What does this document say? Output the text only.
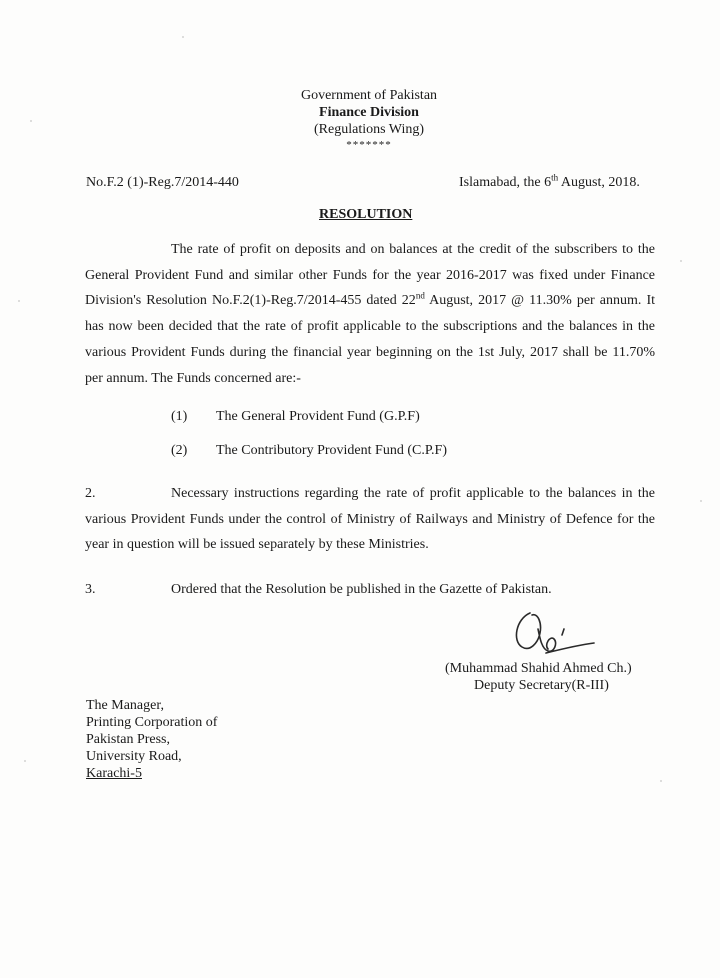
Government of Pakistan
Finance Division
(Regulations Wing)
*******
No.F.2 (1)-Reg.7/2014-440	Islamabad, the 6th August, 2018.
RESOLUTION
The rate of profit on deposits and on balances at the credit of the subscribers to the General Provident Fund and similar other Funds for the year 2016-2017 was fixed under Finance Division's Resolution No.F.2(1)-Reg.7/2014-455 dated 22nd August, 2017 @ 11.30% per annum. It has now been decided that the rate of profit applicable to the subscriptions and the balances in the various Provident Funds during the financial year beginning on the 1st July, 2017 shall be 11.70% per annum. The Funds concerned are:-
(1) The General Provident Fund (G.P.F)
(2) The Contributory Provident Fund (C.P.F)
2.	Necessary instructions regarding the rate of profit applicable to the balances in the various Provident Funds under the control of Ministry of Railways and Ministry of Defence for the year in question will be issued separately by these Ministries.
3.	Ordered that the Resolution be published in the Gazette of Pakistan.
(Muhammad Shahid Ahmed Ch.)
Deputy Secretary(R-III)
The Manager,
Printing Corporation of
Pakistan Press,
University Road,
Karachi-5
